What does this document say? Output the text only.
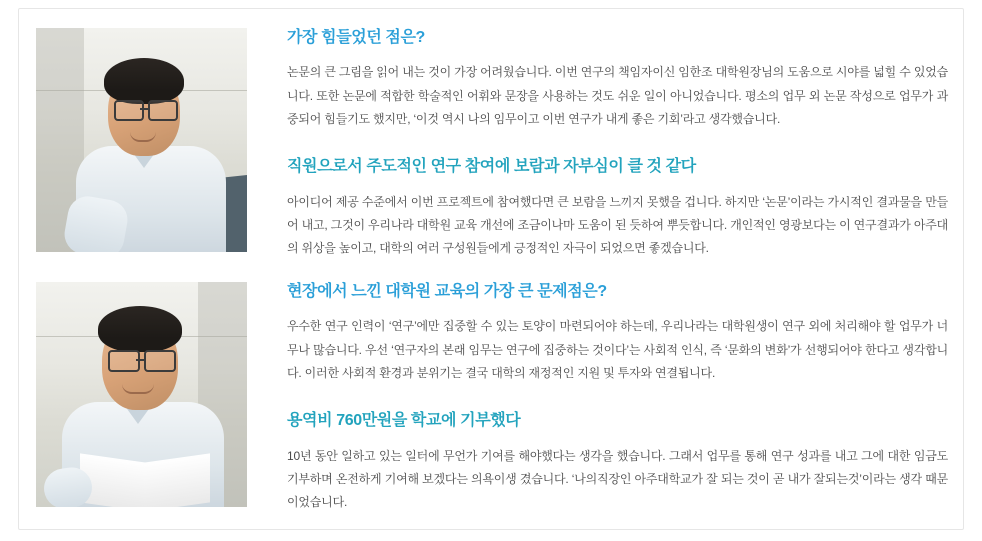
가장 힘들었던 점은?

논문의 큰 그림을 읽어 내는 것이 가장 어려웠습니다. 이번 연구의 책임자이신 임한조 대학원장님의 도움으로 시야를 넓힐 수 있었습니다. 또한 논문에 적합한 학술적인 어휘와 문장을 사용하는 것도 쉬운 일이 아니었습니다. 평소의 업무 외 논문 작성으로 업무가 과중되어 힘들기도 했지만, ‘이것 역시 나의 임무이고 이번 연구가 내게 좋은 기회’라고 생각했습니다.

직원으로서 주도적인 연구 참여에 보람과 자부심이 클 것 같다

아이디어 제공 수준에서 이번 프로젝트에 참여했다면 큰 보람을 느끼지 못했을 겁니다. 하지만 ‘논문’이라는 가시적인 결과물을 만들어 내고, 그것이 우리나라 대학원 교육 개선에 조금이나마 도움이 된 듯하여 뿌듯합니다. 개인적인 영광보다는 이 연구결과가 아주대의 위상을 높이고, 대학의 여러 구성원들에게 긍정적인 자극이 되었으면 좋겠습니다.

현장에서 느낀 대학원 교육의 가장 큰 문제점은?

우수한 연구 인력이 ‘연구’에만 집중할 수 있는 토양이 마련되어야 하는데, 우리나라는 대학원생이 연구 외에 처리해야 할 업무가 너무나 많습니다. 우선 ‘연구자의 본래 임무는 연구에 집중하는 것이다’는 사회적 인식, 즉 ‘문화의 변화’가 선행되어야 한다고 생각합니다. 이러한 사회적 환경과 분위기는 결국 대학의 재정적인 지원 및 투자와 연결됩니다.

용역비 760만원을 학교에 기부했다

10년 동안 일하고 있는 일터에 무언가 기여를 해야했다는 생각을 했습니다. 그래서 업무를 통해 연구 성과를 내고 그에 대한 임금도 기부하며 온전하게 기여해 보겠다는 의욕이생 겼습니다. ‘나의직장인 아주대학교가 잘 되는 것이 곧 내가 잘되는것’이라는 생각 때문이었습니다.
